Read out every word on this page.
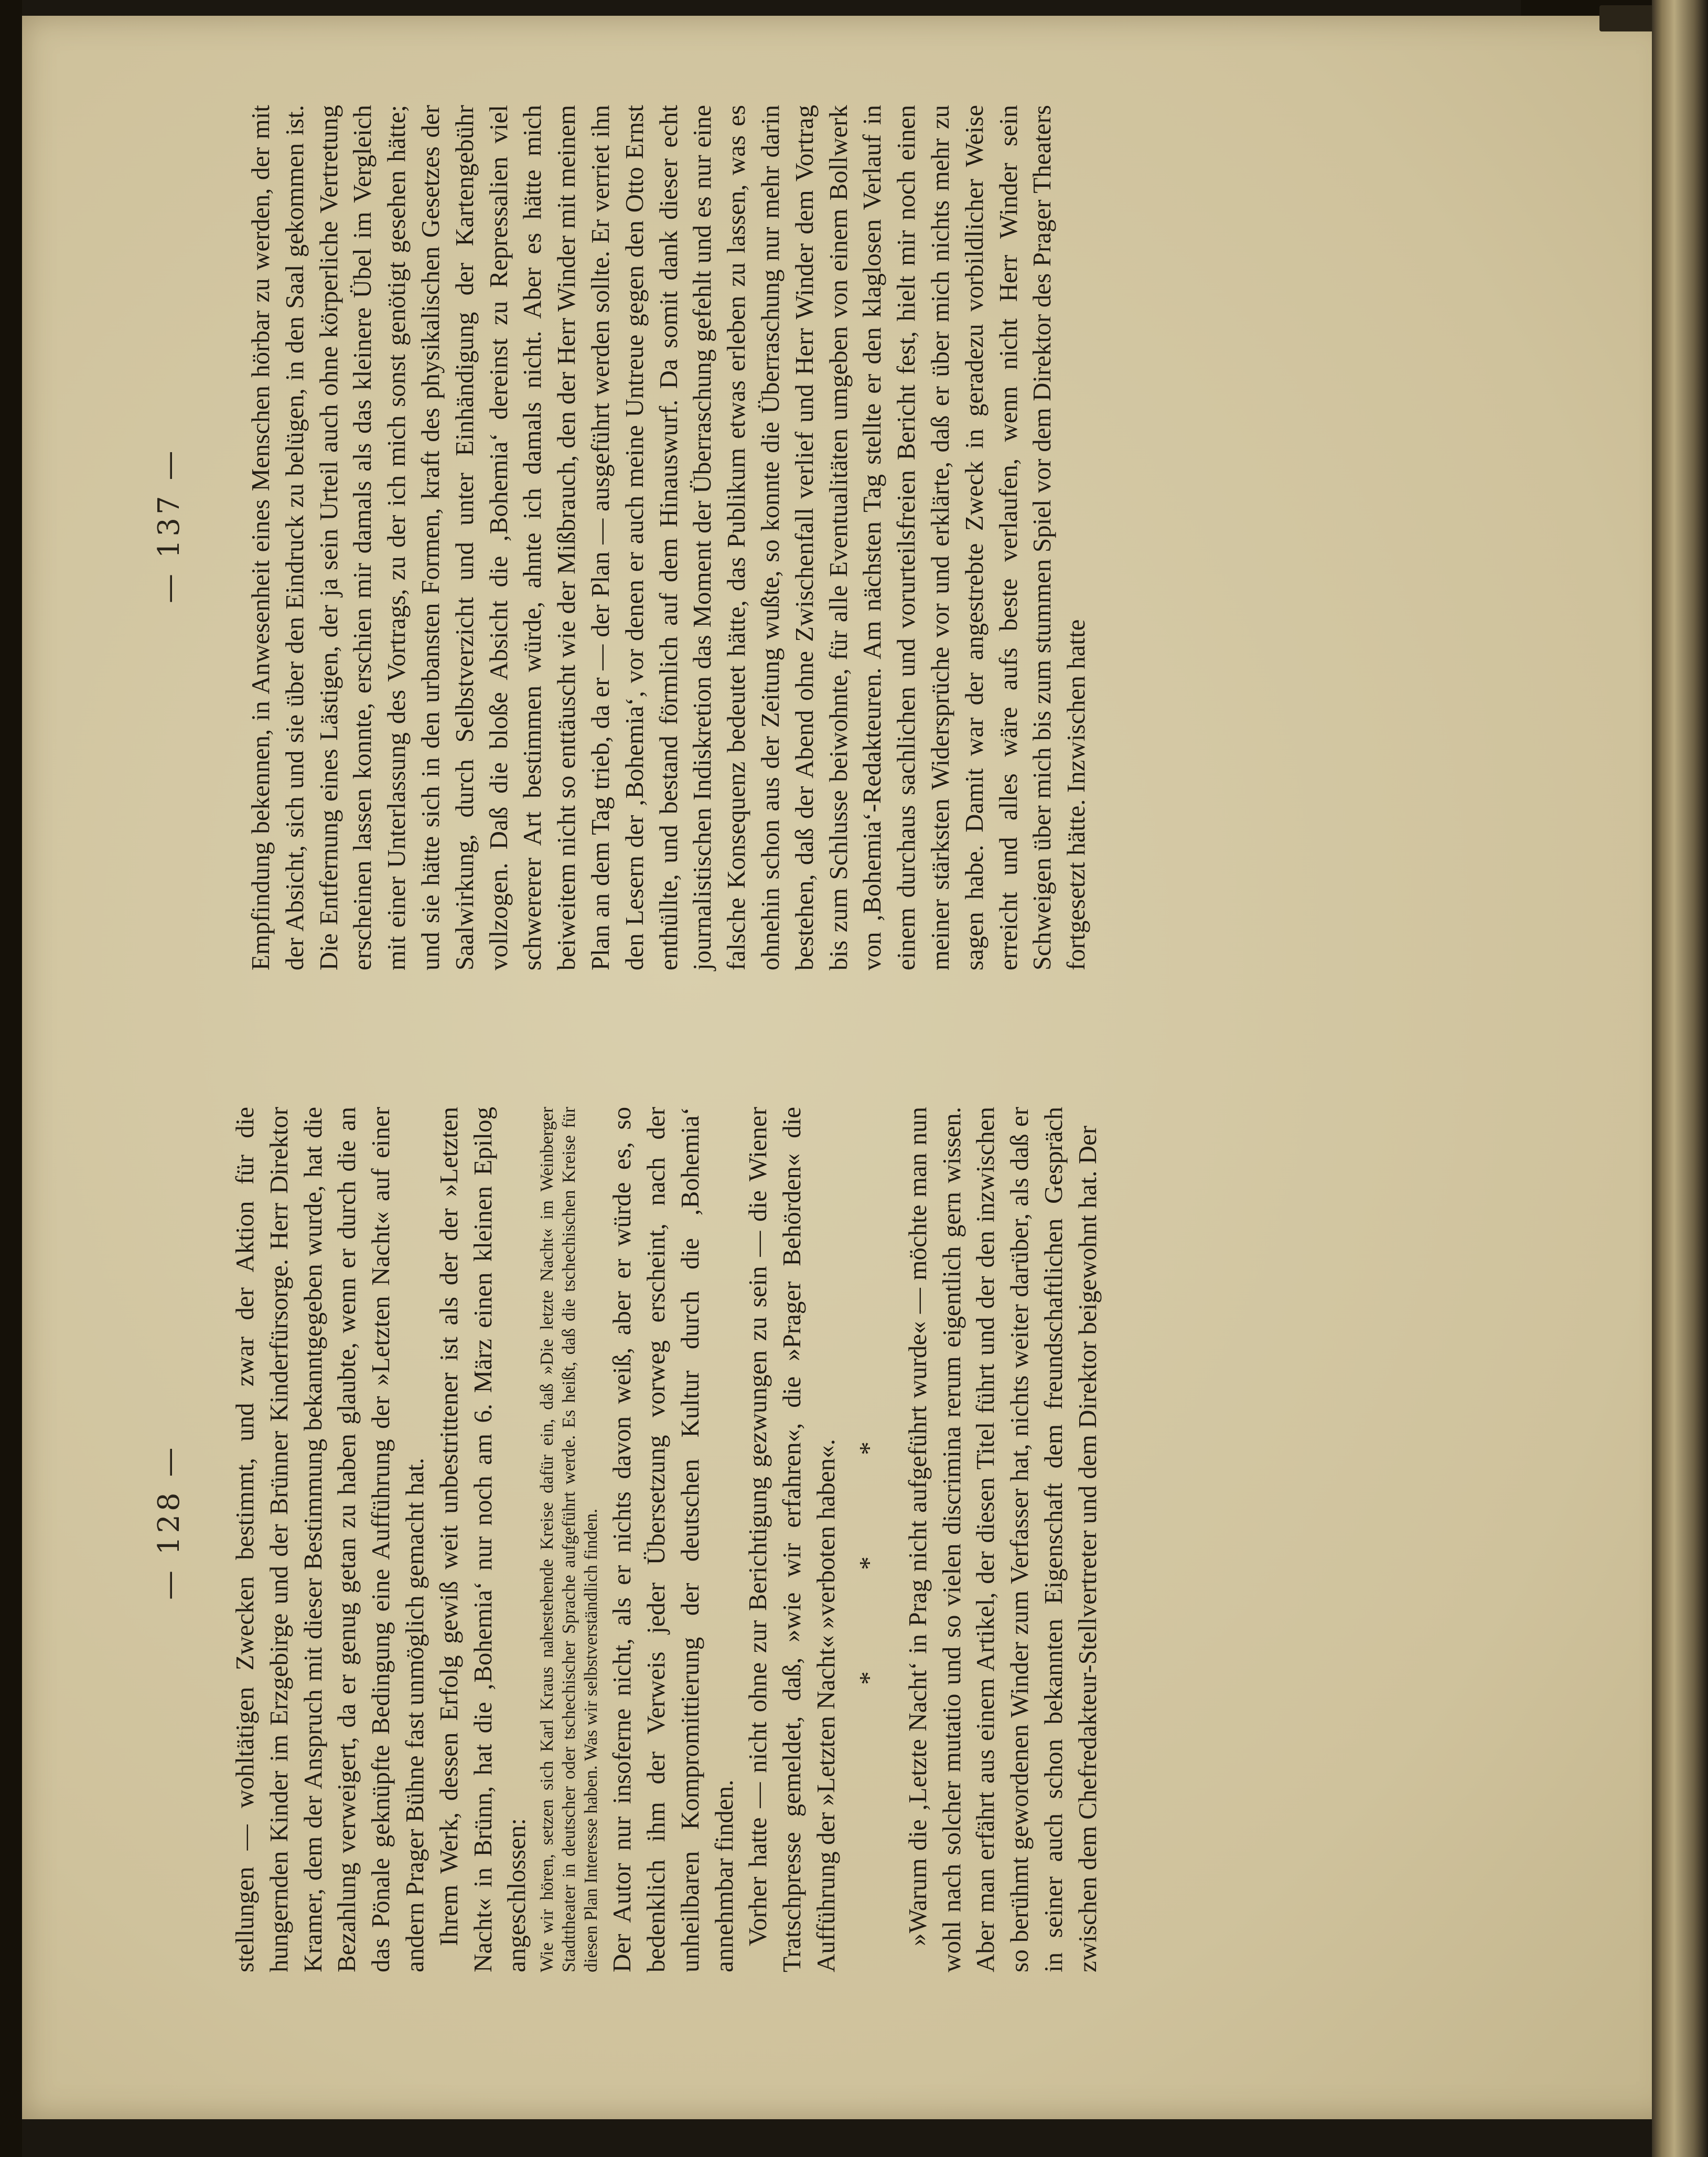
— 128 —
— 137 —

stellungen — wohltätigen Zwecken bestimmt, und zwar der Aktion für die hungernden Kinder im Erzgebirge und der Brünner Kinderfürsorge. Herr Direktor Kramer, dem der Anspruch mit dieser Bestimmung bekanntgegeben wurde, hat die Bezahlung verweigert, da er genug getan zu haben glaubte, wenn er durch die an das Pönale geknüpfte Bedingung eine Aufführung der »Letzten Nacht« auf einer andern Prager Bühne fast unmöglich gemacht hat. Ihrem Werk, dessen Erfolg gewiß weit unbestrittener ist als der der »Letzten Nacht« in Brünn, hat die ‚Bohemia‘ nur noch am 6. März einen kleinen Epilog angeschlossen: Wie wir hören, setzen sich Karl Kraus nahestehende Kreise dafür ein, daß »Die letzte Nacht« im Weinberger Stadttheater in deutscher oder tschechischer Sprache aufgeführt werde. Es heißt, daß die tschechischen Kreise für diesen Plan Interesse haben. Was wir selbstverständlich finden. Der Autor nur insoferne nicht, als er nichts davon weiß, aber er würde es, so bedenklich ihm der Verweis jeder Übersetzung vorweg erscheint, nach der unheilbaren Kompromittierung der deutschen Kultur durch die ‚Bohemia‘ annehmbar finden. Vorher hatte — nicht ohne zur Berichtigung gezwungen zu sein — die Wiener Tratschpresse gemeldet, daß, »wie wir erfahren«, die »Prager Behörden« die Aufführung der »Letzten Nacht« »verboten haben«. * * * »Warum die ‚Letzte Nacht‘ in Prag nicht aufgeführt wurde« — möchte man nun wohl nach solcher mutatio und so vielen discrimina rerum eigentlich gern wissen. Aber man erfährt aus einem Artikel, der diesen Titel führt und der den inzwischen so berühmt gewordenen Winder zum Verfasser hat, nichts weiter darüber, als daß er in seiner auch schon bekannten Eigenschaft dem freundschaftlichen Gespräch zwischen dem Chefredakteur-Stellvertreter und dem Direktor beigewohnt hat. Der

Empfindung bekennen, in Anwesenheit eines Menschen hörbar zu werden, der mit der Absicht, sich und sie über den Eindruck zu belügen, in den Saal gekommen ist. Die Entfernung eines Lästigen, der ja sein Urteil auch ohne körperliche Vertretung erscheinen lassen konnte, erschien mir damals als das kleinere Übel im Vergleich mit einer Unterlassung des Vortrags, zu der ich mich sonst genötigt gesehen hätte; und sie hätte sich in den urbansten Formen, kraft des physikalischen Gesetzes der Saalwirkung, durch Selbstverzicht und unter Einhändigung der Kartengebühr vollzogen. Daß die bloße Absicht die ‚Bohemia‘ dereinst zu Repressalien viel schwererer Art bestimmen würde, ahnte ich damals nicht. Aber es hätte mich beiweitem nicht so enttäuscht wie der Mißbrauch, den der Herr Winder mit meinem Plan an dem Tag trieb, da er — der Plan — ausgeführt werden sollte. Er verriet ihn den Lesern der ‚Bohemia‘, vor denen er auch meine Untreue gegen den Otto Ernst enthüllte, und bestand förmlich auf dem Hinauswurf. Da somit dank dieser echt journalistischen Indiskretion das Moment der Überraschung gefehlt und es nur eine falsche Konsequenz bedeutet hätte, das Publikum etwas erleben zu lassen, was es ohnehin schon aus der Zeitung wußte, so konnte die Überraschung nur mehr darin bestehen, daß der Abend ohne Zwischenfall verlief und Herr Winder dem Vortrag bis zum Schlusse beiwohnte, für alle Eventualitäten umgeben von einem Bollwerk von ‚Bohemia‘-Redakteuren. Am nächsten Tag stellte er den klaglosen Verlauf in einem durchaus sachlichen und vorurteilsfreien Bericht fest, hielt mir noch einen meiner stärksten Widersprüche vor und erklärte, daß er über mich nichts mehr zu sagen habe. Damit war der angestrebte Zweck in geradezu vorbildlicher Weise erreicht und alles wäre aufs beste verlaufen, wenn nicht Herr Winder sein Schweigen über mich bis zum stummen Spiel vor dem Direktor des Prager Theaters fortgesetzt hätte. Inzwischen hatte
